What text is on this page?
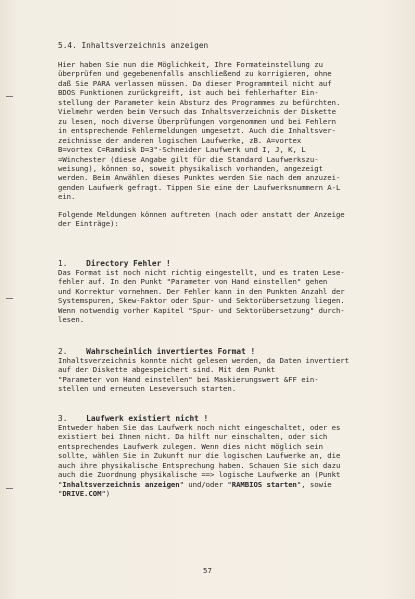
5.4. Inhaltsverzeichnis anzeigen
Hier haben Sie nun die Möglichkeit, Ihre Formateinstellung zu
überprüfen und gegebenenfalls anschließend zu korrigieren, ohne
daß Sie PARA verlassen müssen. Da dieser Programmteil nicht auf
BDOS Funktionen zurückgreift, ist auch bei fehlerhafter Ein-
stellung der Parameter kein Absturz des Programmes zu befürchten.
Vielmehr werden beim Versuch das Inhaltsverzeichnis der Diskette
zu lesen, noch diverse Überprüfungen vorgenommen und bei Fehlern
in entsprechende Fehlermeldungen umgesetzt. Auch die Inhaltsver-
zeichnisse der anderen logischen Laufwerke, zB. A=vortex
B=vortex C=Ramdisk D=3"-Schneider Laufwerk und I, J, K, L
=Winchester (diese Angabe gilt für die Standard Laufwerkszu-
weisung), können so, soweit physikalisch vorhanden, angezeigt
werden. Beim Anwählen dieses Punktes werden Sie nach dem anzuzei-
genden Laufwerk gefragt. Tippen Sie eine der Laufwerksnummern A-L
ein.
Folgende Meldungen können auftreten (nach oder anstatt der Anzeige
der Einträge):
1. Directory Fehler !
Das Format ist noch nicht richtig eingestellt, und es traten Lese-
fehler auf. In den Punkt "Parameter von Hand einstellen" gehen
und Korrektur vornehmen. Der Fehler kann in den Punkten Anzahl der
Systemspuren, Skew-Faktor oder Spur- und Sektorübersetzung liegen.
Wenn notwendig vorher Kapitel "Spur- und Sektorübersetzung" durch-
lesen.
2. Wahrscheinlich invertiertes Format !
Inhaltsverzeichnis konnte nicht gelesen werden, da Daten invertiert
auf der Diskette abgespeichert sind. Mit dem Punkt
"Parameter von Hand einstellen" bei Maskierungswert &FF ein-
stellen und erneuten Leseversuch starten.
3. Laufwerk existiert nicht !
Entweder haben Sie das Laufwerk noch nicht eingeschaltet, oder es
existiert bei Ihnen nicht. Da hilft nur einschalten, oder sich
entsprechendes Laufwerk zulegen. Wenn dies nicht möglich sein
sollte, wählen Sie in Zukunft nur die logischen Laufwerke an, die
auch ihre physikalische Entsprechung haben. Schauen Sie sich dazu
auch die Zuordnung physikalische ==> logische Laufwerke an (Punkt
"Inhaltsverzeichnis anzeigen" und/oder "RAMBIOS starten", sowie
"DRIVE.COM")
57
